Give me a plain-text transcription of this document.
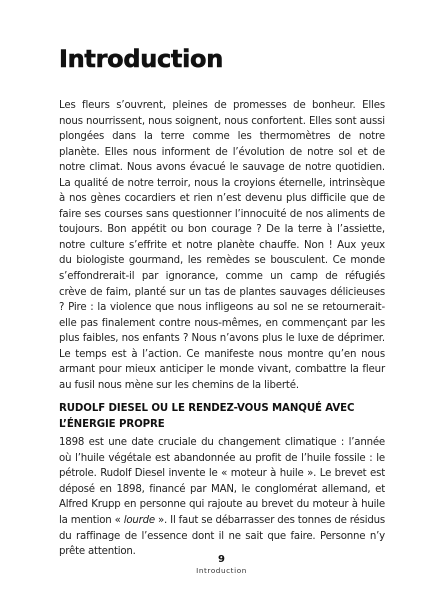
Introduction

Les fleurs s’ouvrent, pleines de promesses de bonheur. Elles nous nourrissent, nous soignent, nous confortent. Elles sont aussi plongées dans la terre comme les thermomètres de notre planète. Elles nous informent de l’évolution de notre sol et de notre climat. Nous avons évacué le sauvage de notre quotidien. La qualité de notre terroir, nous la croyions éternelle, intrinsèque à nos gènes cocardiers et rien n’est devenu plus difficile que de faire ses courses sans questionner l’innocuité de nos aliments de toujours. Bon appétit ou bon courage ? De la terre à l’assiette, notre culture s’effrite et notre planète chauffe. Non ! Aux yeux du biologiste gourmand, les remèdes se bousculent. Ce monde s’effondrerait-il par ignorance, comme un camp de réfugiés crève de faim, planté sur un tas de plantes sauvages délicieuses ? Pire : la violence que nous infligeons au sol ne se retournerait-elle pas finalement contre nous-mêmes, en commençant par les plus faibles, nos enfants ? Nous n’avons plus le luxe de déprimer. Le temps est à l’action. Ce manifeste nous montre qu’en nous armant pour mieux anticiper le monde vivant, combattre la fleur au fusil nous mène sur les chemins de la liberté.

RUDOLF DIESEL OU LE RENDEZ-VOUS MANQUÉ AVEC L’ÉNERGIE PROPRE

1898 est une date cruciale du changement climatique : l’année où l’huile végétale est abandonnée au profit de l’huile fossile : le pétrole. Rudolf Diesel invente le « moteur à huile ». Le brevet est déposé en 1898, financé par MAN, le conglomérat allemand, et Alfred Krupp en personne qui rajoute au brevet du moteur à huile la mention « lourde ». Il faut se débarrasser des tonnes de résidus du raffinage de l’essence dont il ne sait que faire. Personne n’y prête attention.

9

Introduction
